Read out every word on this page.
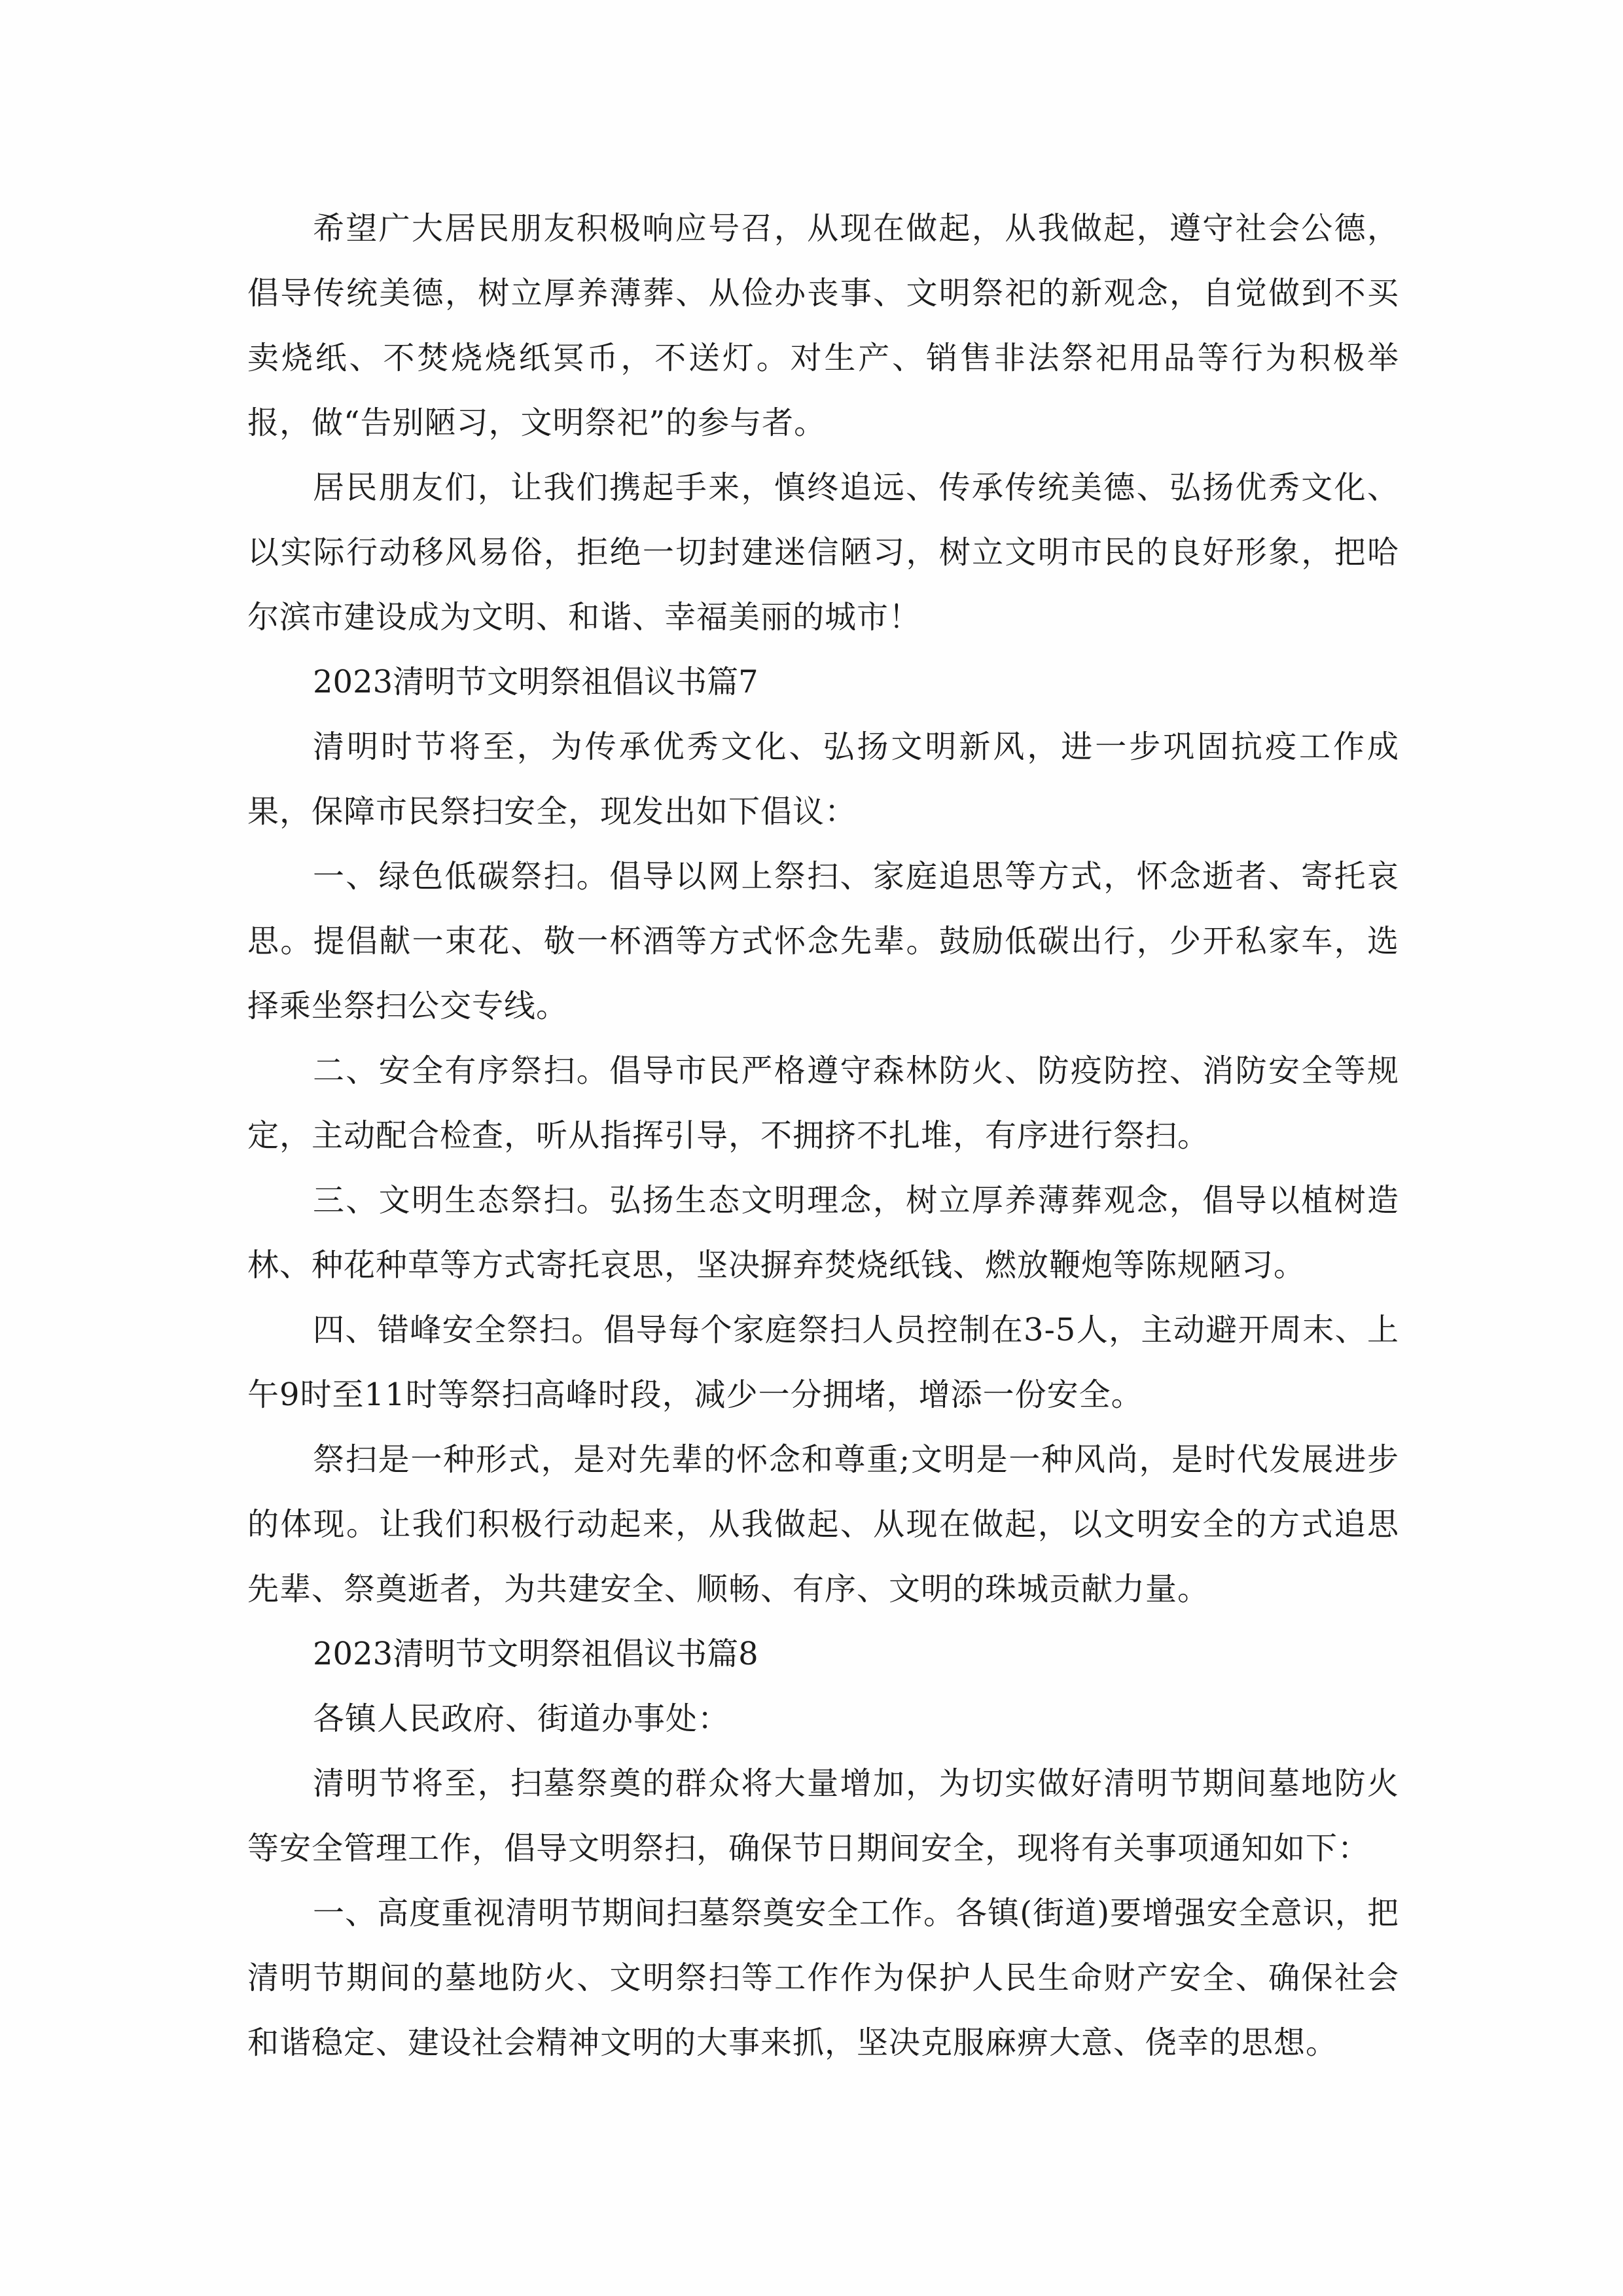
希望广大居民朋友积极响应号召，从现在做起，从我做起，遵守社会公德，倡导传统美德，树立厚养薄葬、从俭办丧事、文明祭祀的新观念，自觉做到不买卖烧纸、不焚烧烧纸冥币，不送灯。对生产、销售非法祭祀用品等行为积极举报，做“告别陋习，文明祭祀”的参与者。

居民朋友们，让我们携起手来，慎终追远、传承传统美德、弘扬优秀文化、以实际行动移风易俗，拒绝一切封建迷信陋习，树立文明市民的良好形象，把哈尔滨市建设成为文明、和谐、幸福美丽的城市！

2023清明节文明祭祖倡议书篇7

清明时节将至，为传承优秀文化、弘扬文明新风，进一步巩固抗疫工作成果，保障市民祭扫安全，现发出如下倡议：

一、绿色低碳祭扫。倡导以网上祭扫、家庭追思等方式，怀念逝者、寄托哀思。提倡献一束花、敬一杯酒等方式怀念先辈。鼓励低碳出行，少开私家车，选择乘坐祭扫公交专线。

二、安全有序祭扫。倡导市民严格遵守森林防火、防疫防控、消防安全等规定，主动配合检查，听从指挥引导，不拥挤不扎堆，有序进行祭扫。

三、文明生态祭扫。弘扬生态文明理念，树立厚养薄葬观念，倡导以植树造林、种花种草等方式寄托哀思，坚决摒弃焚烧纸钱、燃放鞭炮等陈规陋习。

四、错峰安全祭扫。倡导每个家庭祭扫人员控制在3-5人，主动避开周末、上午9时至11时等祭扫高峰时段，减少一分拥堵，增添一份安全。

祭扫是一种形式，是对先辈的怀念和尊重;文明是一种风尚，是时代发展进步的体现。让我们积极行动起来，从我做起、从现在做起，以文明安全的方式追思先辈、祭奠逝者，为共建安全、顺畅、有序、文明的珠城贡献力量。

2023清明节文明祭祖倡议书篇8

各镇人民政府、街道办事处：

清明节将至，扫墓祭奠的群众将大量增加，为切实做好清明节期间墓地防火等安全管理工作，倡导文明祭扫，确保节日期间安全，现将有关事项通知如下：

一、高度重视清明节期间扫墓祭奠安全工作。各镇(街道)要增强安全意识，把清明节期间的墓地防火、文明祭扫等工作作为保护人民生命财产安全、确保社会和谐稳定、建设社会精神文明的大事来抓，坚决克服麻痹大意、侥幸的思想。
